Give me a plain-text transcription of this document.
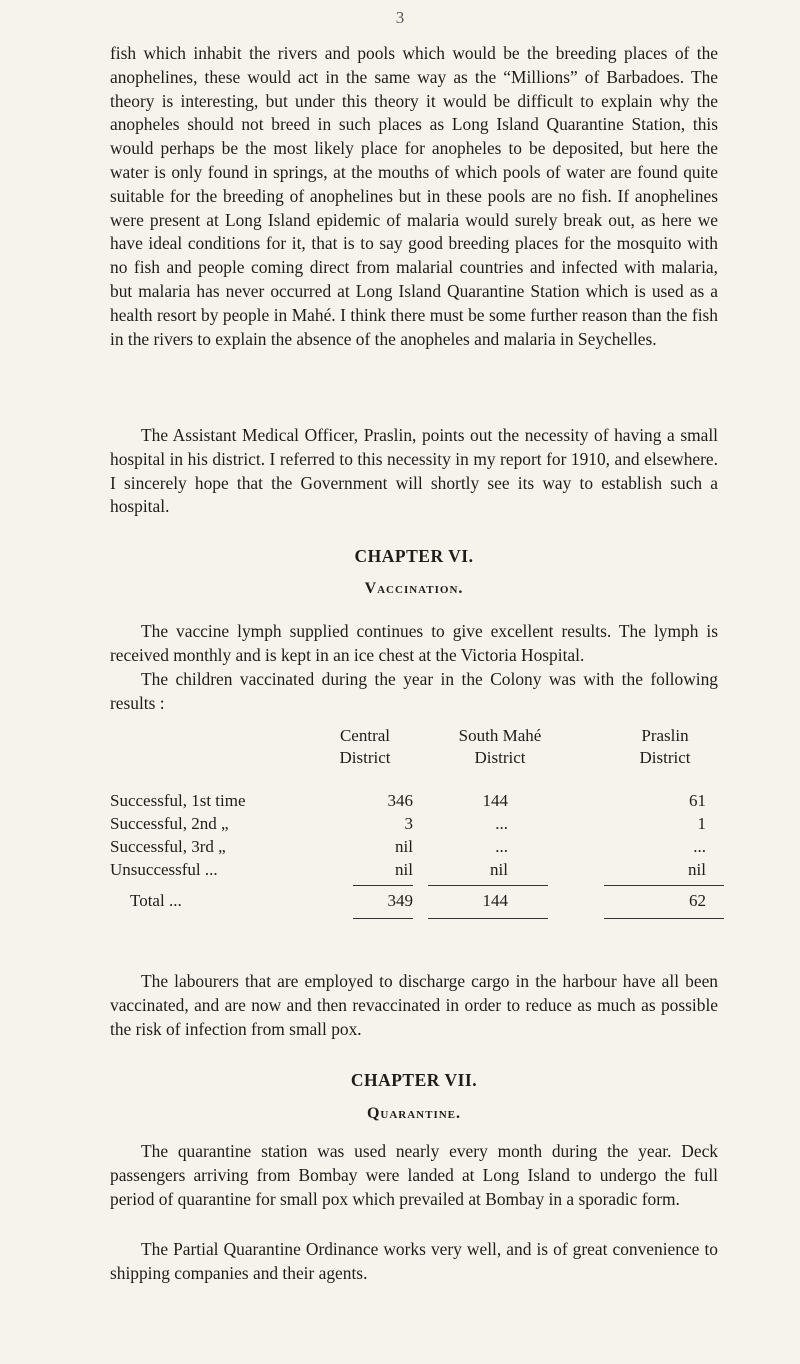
3

fish which inhabit the rivers and pools which would be the breeding places of the anophelines, these would act in the same way as the “Millions” of Barbadoes. The theory is interesting, but under this theory it would be difficult to explain why the anopheles should not breed in such places as Long Island Quarantine Station, this would perhaps be the most likely place for anopheles to be deposited, but here the water is only found in springs, at the mouths of which pools of water are found quite suitable for the breeding of anophelines but in these pools are no fish. If anophelines were present at Long Island epidemic of malaria would surely break out, as here we have ideal conditions for it, that is to say good breeding places for the mosquito with no fish and people coming direct from malarial countries and infected with malaria, but malaria has never occurred at Long Island Quarantine Station which is used as a health resort by people in Mahé. I think there must be some further reason than the fish in the rivers to explain the absence of the anopheles and malaria in Seychelles.

The Assistant Medical Officer, Praslin, points out the necessity of having a small hospital in his district. I referred to this necessity in my report for 1910, and elsewhere. I sincerely hope that the Government will shortly see its way to establish such a hospital.

CHAPTER VI.
Vaccination.

The vaccine lymph supplied continues to give excellent results. The lymph is received monthly and is kept in an ice chest at the Victoria Hospital.

The children vaccinated during the year in the Colony was with the following results :

Central	South Mahé	Praslin
District	District	District
Successful, 1st time	346	144	61
Successful, 2nd „	3	...	1
Successful, 3rd „	nil	...	...
Unsuccessful ...	nil	nil	nil
Total ...	349	144	62

The labourers that are employed to discharge cargo in the harbour have all been vaccinated, and are now and then revaccinated in order to reduce as much as possible the risk of infection from small pox.

CHAPTER VII.
Quarantine.

The quarantine station was used nearly every month during the year. Deck passengers arriving from Bombay were landed at Long Island to undergo the full period of quarantine for small pox which prevailed at Bombay in a sporadic form.

The Partial Quarantine Ordinance works very well, and is of great convenience to shipping companies and their agents.
